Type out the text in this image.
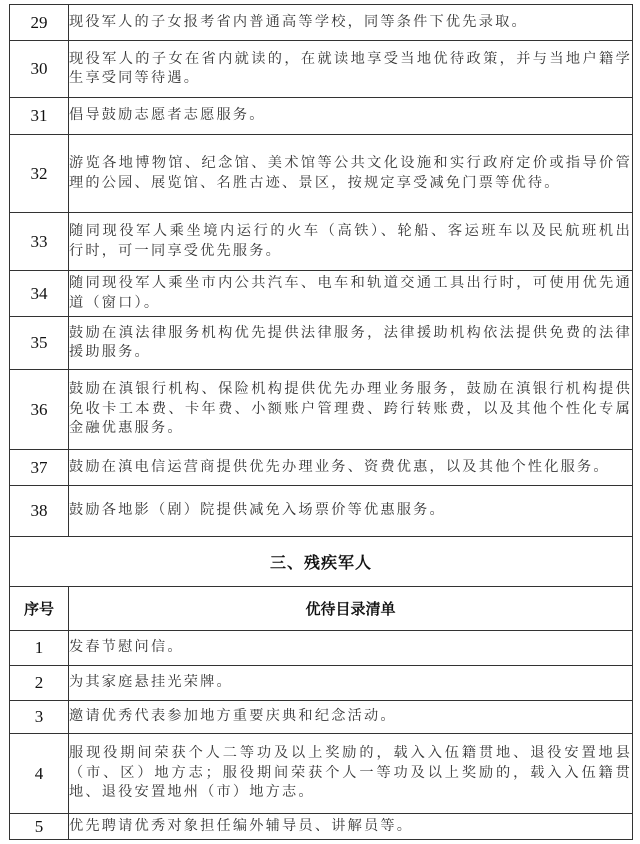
29	现役军人的子女报考省内普通高等学校，同等条件下优先录取。
30	现役军人的子女在省内就读的，在就读地享受当地优待政策，并与当地户籍学生享受同等待遇。
31	倡导鼓励志愿者志愿服务。
32	游览各地博物馆、纪念馆、美术馆等公共文化设施和实行政府定价或指导价管理的公园、展览馆、名胜古迹、景区，按规定享受减免门票等优待。
33	随同现役军人乘坐境内运行的火车（高铁）、轮船、客运班车以及民航班机出行时，可一同享受优先服务。
34	随同现役军人乘坐市内公共汽车、电车和轨道交通工具出行时，可使用优先通道（窗口）。
35	鼓励在滇法律服务机构优先提供法律服务，法律援助机构依法提供免费的法律援助服务。
36	鼓励在滇银行机构、保险机构提供优先办理业务服务，鼓励在滇银行机构提供免收卡工本费、卡年费、小额账户管理费、跨行转账费，以及其他个性化专属金融优惠服务。
37	鼓励在滇电信运营商提供优先办理业务、资费优惠，以及其他个性化服务。
38	鼓励各地影（剧）院提供减免入场票价等优惠服务。
三、残疾军人	
序号	优待目录清单
1	发春节慰问信。
2	为其家庭悬挂光荣牌。
3	邀请优秀代表参加地方重要庆典和纪念活动。
4	服现役期间荣获个人二等功及以上奖励的，载入入伍籍贯地、退役安置地县（市、区）地方志；服役期间荣获个人一等功及以上奖励的，载入入伍籍贯地、退役安置地州（市）地方志。
5	优先聘请优秀对象担任编外辅导员、讲解员等。
